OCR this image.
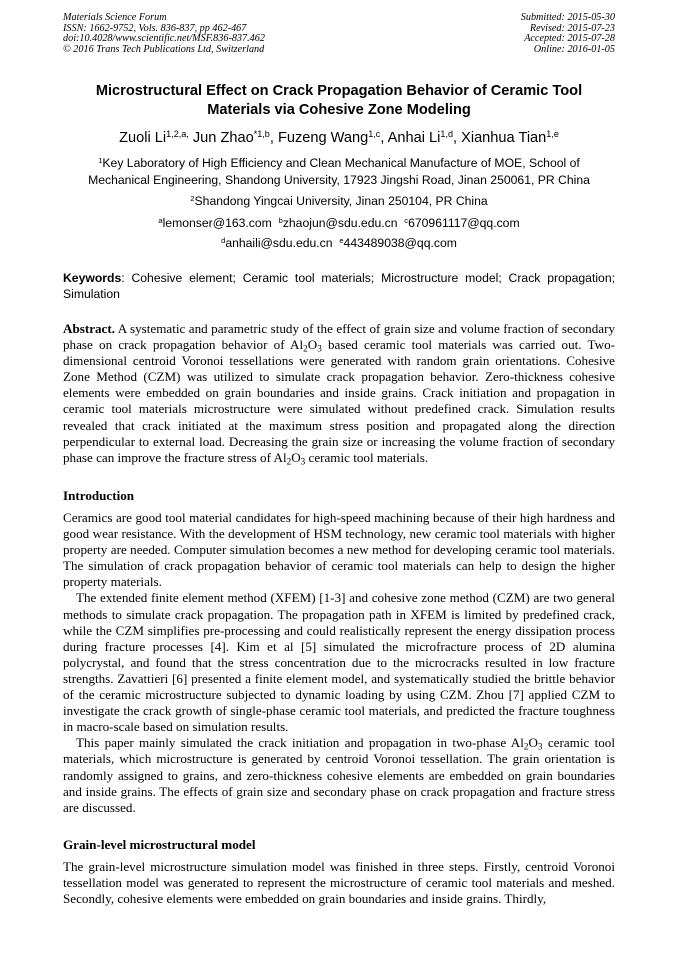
Materials Science Forum
ISSN: 1662-9752, Vols. 836-837, pp 462-467
doi:10.4028/www.scientific.net/MSF.836-837.462
© 2016 Trans Tech Publications Ltd, Switzerland
Submitted: 2015-05-30
Revised: 2015-07-23
Accepted: 2015-07-28
Online: 2016-01-05
Microstructural Effect on Crack Propagation Behavior of Ceramic Tool
Materials via Cohesive Zone Modeling
Zuoli $Li^{1,2,a,}$ Jun Zhao$^{*1,b}$, Fuzeng Wang$^{1,c}$, Anhai Li$^{1,d}$, Xianhua Tian$^{1,e}$
$^1$Key Laboratory of High Efficiency and Clean Mechanical Manufacture of MOE, School of
Mechanical Engineering, Shandong University, 17923 Jingshi Road, Jinan 250061, PR China
$^2$Shandong Yingcai University, Jinan 250104, PR China
$^a$lemonser@163.com $^b$zhaojun@sdu.edu.cn $^c$670961117@qq.com
$^d$anhaili@sdu.edu.cn $^e$443489038@qq.com
Keywords: Cohesive element; Ceramic tool materials; Microstructure model; Crack propagation; Simulation

Abstract. A systematic and parametric study of the effect of grain size and volume fraction of secondary phase on crack propagation behavior of $Al_2O_3$ based ceramic tool materials was carried out. Two-dimensional centroid Voronoi tessellations were generated with random grain orientations. Cohesive Zone Method (CZM) was utilized to simulate crack propagation behavior. Zero-thickness cohesive elements were embedded on grain boundaries and inside grains. Crack initiation and propagation in ceramic tool materials microstructure were simulated without predefined crack. Simulation results revealed that crack initiated at the maximum stress position and propagated along the direction perpendicular to external load. Decreasing the grain size or increasing the volume fraction of secondary phase can improve the fracture stress of $Al_2O_3$ ceramic tool materials.

Introduction

Ceramics are good tool material candidates for high-speed machining because of their high hardness and good wear resistance. With the development of HSM technology, new ceramic tool materials with higher property are needed. Computer simulation becomes a new method for developing ceramic tool materials. The simulation of crack propagation behavior of ceramic tool materials can help to design the higher property materials.

The extended finite element method (XFEM) [1-3] and cohesive zone method (CZM) are two general methods to simulate crack propagation. The propagation path in XFEM is limited by predefined crack, while the CZM simplifies pre-processing and could realistically represent the energy dissipation process during fracture processes [4]. Kim et al [5] simulated the microfracture process of 2D alumina polycrystal, and found that the stress concentration due to the microcracks resulted in low fracture strengths. Zavattieri [6] presented a finite element model, and systematically studied the brittle behavior of the ceramic microstructure subjected to dynamic loading by using CZM. Zhou [7] applied CZM to investigate the crack growth of single-phase ceramic tool materials, and predicted the fracture toughness in macro-scale based on simulation results.

This paper mainly simulated the crack initiation and propagation in two-phase $Al_2O_3$ ceramic tool materials, which microstructure is generated by centroid Voronoi tessellation. The grain orientation is randomly assigned to grains, and zero-thickness cohesive elements are embedded on grain boundaries and inside grains. The effects of grain size and secondary phase on crack propagation and fracture stress are discussed.

Grain-level microstructural model

The grain-level microstructure simulation model was finished in three steps. Firstly, centroid Voronoi tessellation model was generated to represent the microstructure of ceramic tool materials and meshed. Secondly, cohesive elements were embedded on grain boundaries and inside grains. Thirdly,
